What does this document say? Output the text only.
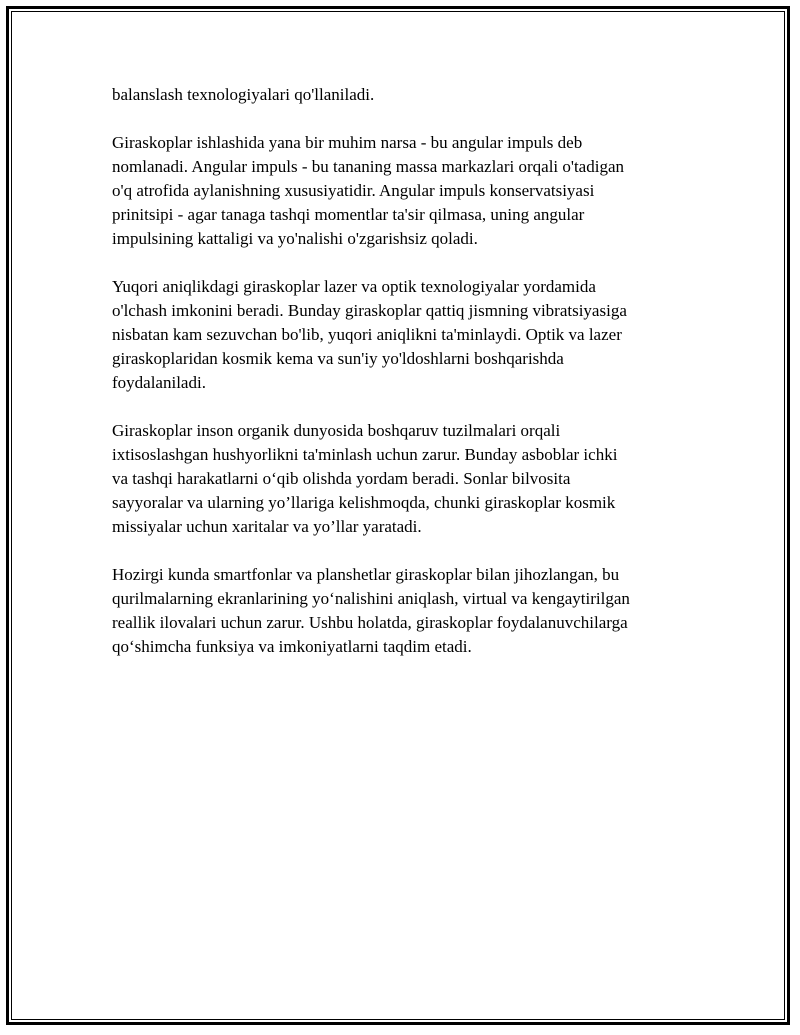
balanslash texnologiyalari qo'llaniladi.

Giraskoplar ishlashida yana bir muhim narsa - bu angular impuls deb
nomlanadi. Angular impuls - bu tananing massa markazlari orqali o'tadigan
o'q atrofida aylanishning xususiyatidir. Angular impuls konservatsiyasi
prinitsipi - agar tanaga tashqi momentlar ta'sir qilmasa, uning angular
impulsining kattaligi va yo'nalishi o'zgarishsiz qoladi.

Yuqori aniqlikdagi giraskoplar lazer va optik texnologiyalar yordamida
o'lchash imkonini beradi. Bunday giraskoplar qattiq jismning vibratsiyasiga
nisbatan kam sezuvchan bo'lib, yuqori aniqlikni ta'minlaydi. Optik va lazer
giraskoplaridan kosmik kema va sun'iy yo'ldoshlarni boshqarishda
foydalaniladi.

Giraskoplar inson organik dunyosida boshqaruv tuzilmalari orqali
ixtisoslashgan hushyorlikni ta'minlash uchun zarur. Bunday asboblar ichki
va tashqi harakatlarni o‘qib olishda yordam beradi. Sonlar bilvosita
sayyoralar va ularning yo’llariga kelishmoqda, chunki giraskoplar kosmik
missiyalar uchun xaritalar va yo’llar yaratadi.

Hozirgi kunda smartfonlar va planshetlar giraskoplar bilan jihozlangan, bu
qurilmalarning ekranlarining yo‘nalishini aniqlash, virtual va kengaytirilgan
reallik ilovalari uchun zarur. Ushbu holatda, giraskoplar foydalanuvchilarga
qo‘shimcha funksiya va imkoniyatlarni taqdim etadi.
